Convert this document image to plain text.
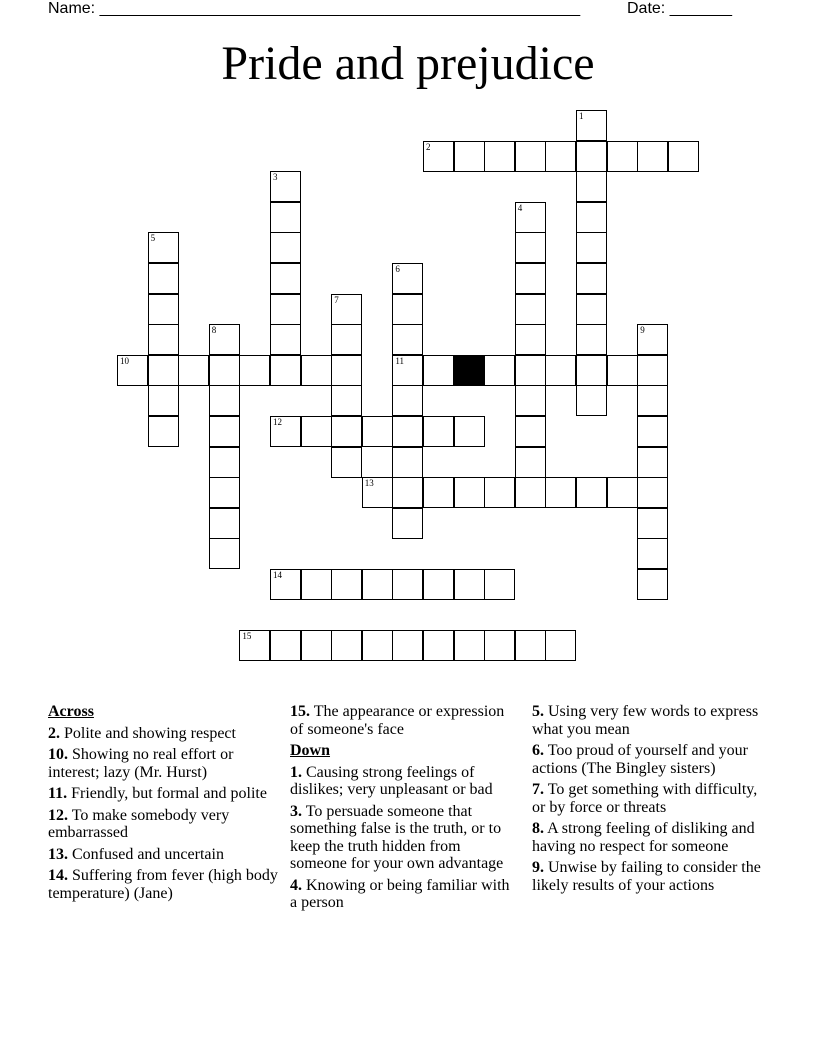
Name: ______________________________________________________	Date: _______
Pride and prejudice
2
10	11
12
13
14
15
1
3
4
5
6
7
8	9
Across
2. Polite and showing respect
10. Showing no real effort or interest; lazy (Mr. Hurst)
11. Friendly, but formal and polite
12. To make somebody very embarrassed
13. Confused and uncertain
14. Suffering from fever (high body temperature) (Jane)
15. The appearance or expression of someone's face
Down
1. Causing strong feelings of dislikes; very unpleasant or bad
3. To persuade someone that something false is the truth, or to keep the truth hidden from someone for your own advantage
4. Knowing or being familiar with a person
5. Using very few words to express what you mean
6. Too proud of yourself and your actions (The Bingley sisters)
7. To get something with difficulty, or by force or threats
8. A strong feeling of disliking and having no respect for someone
9. Unwise by failing to consider the likely results of your actions
